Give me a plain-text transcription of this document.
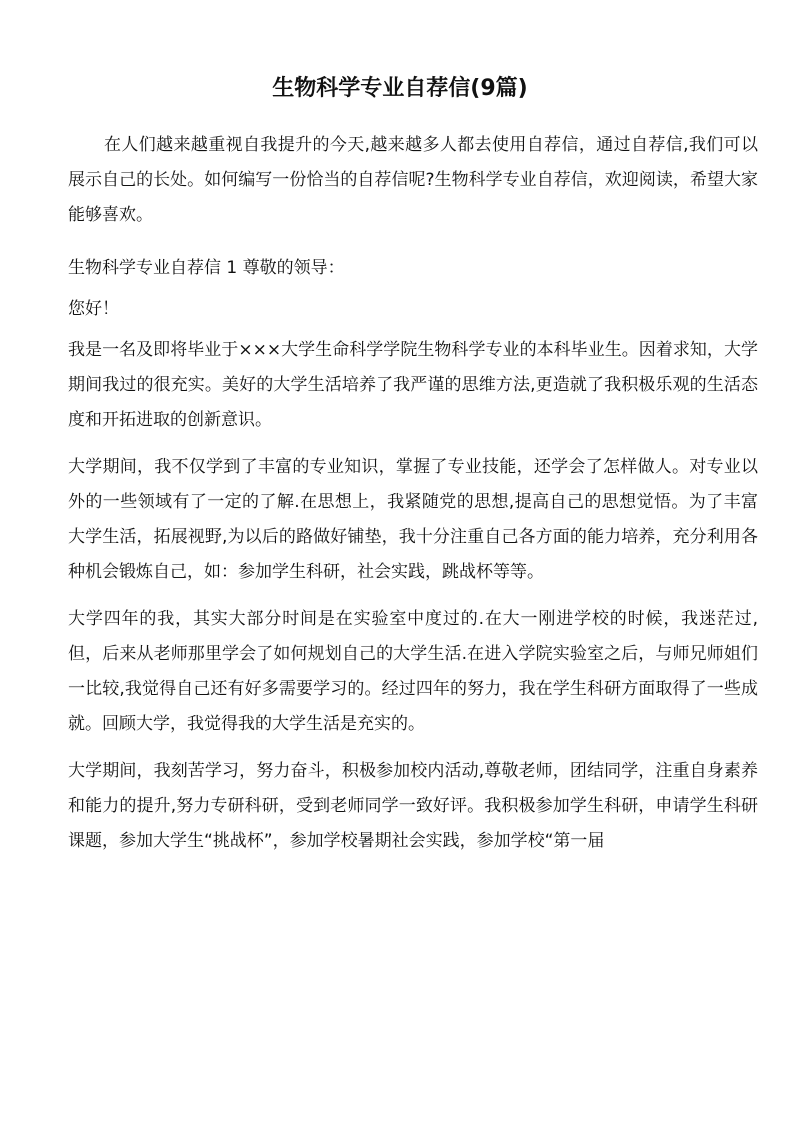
生物科学专业自荐信(9篇)

在人们越来越重视自我提升的今天,越来越多人都去使用自荐信，通过自荐信,我们可以展示自己的长处。如何编写一份恰当的自荐信呢?生物科学专业自荐信，欢迎阅读，希望大家能够喜欢。

生物科学专业自荐信 1 尊敬的领导：

您好！

我是一名及即将毕业于×××大学生命科学学院生物科学专业的本科毕业生。因着求知，大学期间我过的很充实。美好的大学生活培养了我严谨的思维方法,更造就了我积极乐观的生活态度和开拓进取的创新意识。

大学期间，我不仅学到了丰富的专业知识，掌握了专业技能，还学会了怎样做人。对专业以外的一些领域有了一定的了解.在思想上，我紧随党的思想,提高自己的思想觉悟。为了丰富大学生活，拓展视野,为以后的路做好铺垫，我十分注重自己各方面的能力培养，充分利用各种机会锻炼自己，如：参加学生科研，社会实践，跳战杯等等。

大学四年的我，其实大部分时间是在实验室中度过的.在大一刚进学校的时候，我迷茫过,但，后来从老师那里学会了如何规划自己的大学生活.在进入学院实验室之后，与师兄师姐们一比较,我觉得自己还有好多需要学习的。经过四年的努力，我在学生科研方面取得了一些成就。回顾大学，我觉得我的大学生活是充实的。

大学期间，我刻苦学习，努力奋斗，积极参加校内活动,尊敬老师，团结同学，注重自身素养和能力的提升,努力专研科研，受到老师同学一致好评。我积极参加学生科研，申请学生科研课题，参加大学生“挑战杯”，参加学校暑期社会实践，参加学校“第一届
